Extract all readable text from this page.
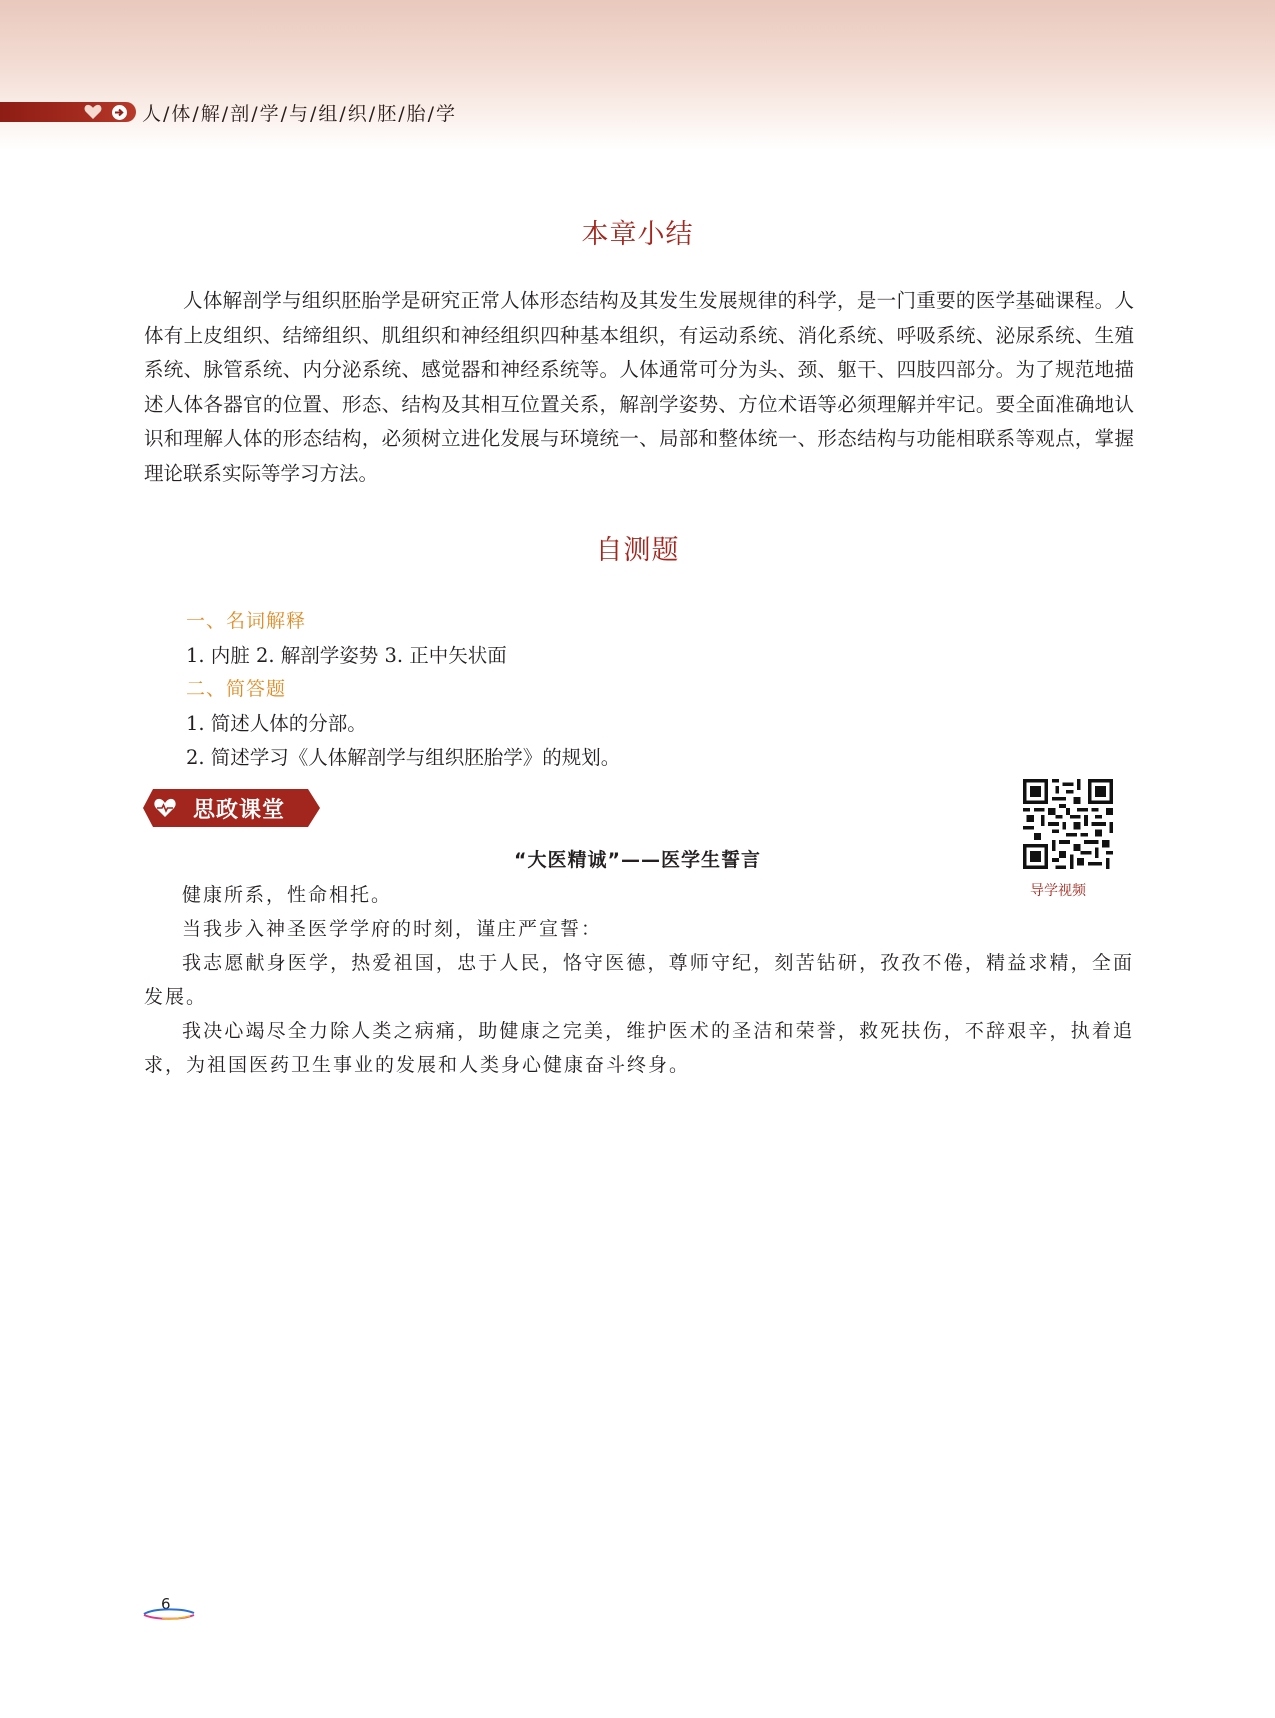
人/体/解/剖/学/与/组/织/胚/胎/学
本章小结

人体解剖学与组织胚胎学是研究正常人体形态结构及其发生发展规律的科学，是一门重要的医学基础课程。人体有上皮组织、结缔组织、肌组织和神经组织四种基本组织，有运动系统、消化系统、呼吸系统、泌尿系统、生殖系统、脉管系统、内分泌系统、感觉器和神经系统等。人体通常可分为头、颈、躯干、四肢四部分。为了规范地描述人体各器官的位置、形态、结构及其相互位置关系，解剖学姿势、方位术语等必须理解并牢记。要全面准确地认识和理解人体的形态结构，必须树立进化发展与环境统一、局部和整体统一、形态结构与功能相联系等观点，掌握理论联系实际等学习方法。

自测题
一、名词解释
1. 内脏 2. 解剖学姿势 3. 正中矢状面
二、简答题
1. 简述人体的分部。
2. 简述学习《人体解剖学与组织胚胎学》的规划。
思政课堂
导学视频
“大医精诚”——医学生誓言

健康所系，性命相托。

当我步入神圣医学学府的时刻，谨庄严宣誓：

我志愿献身医学，热爱祖国，忠于人民，恪守医德，尊师守纪，刻苦钻研，孜孜不倦，精益求精，全面发展。

我决心竭尽全力除人类之病痛，助健康之完美，维护医术的圣洁和荣誉，救死扶伤，不辞艰辛，执着追求，为祖国医药卫生事业的发展和人类身心健康奋斗终身。

6
